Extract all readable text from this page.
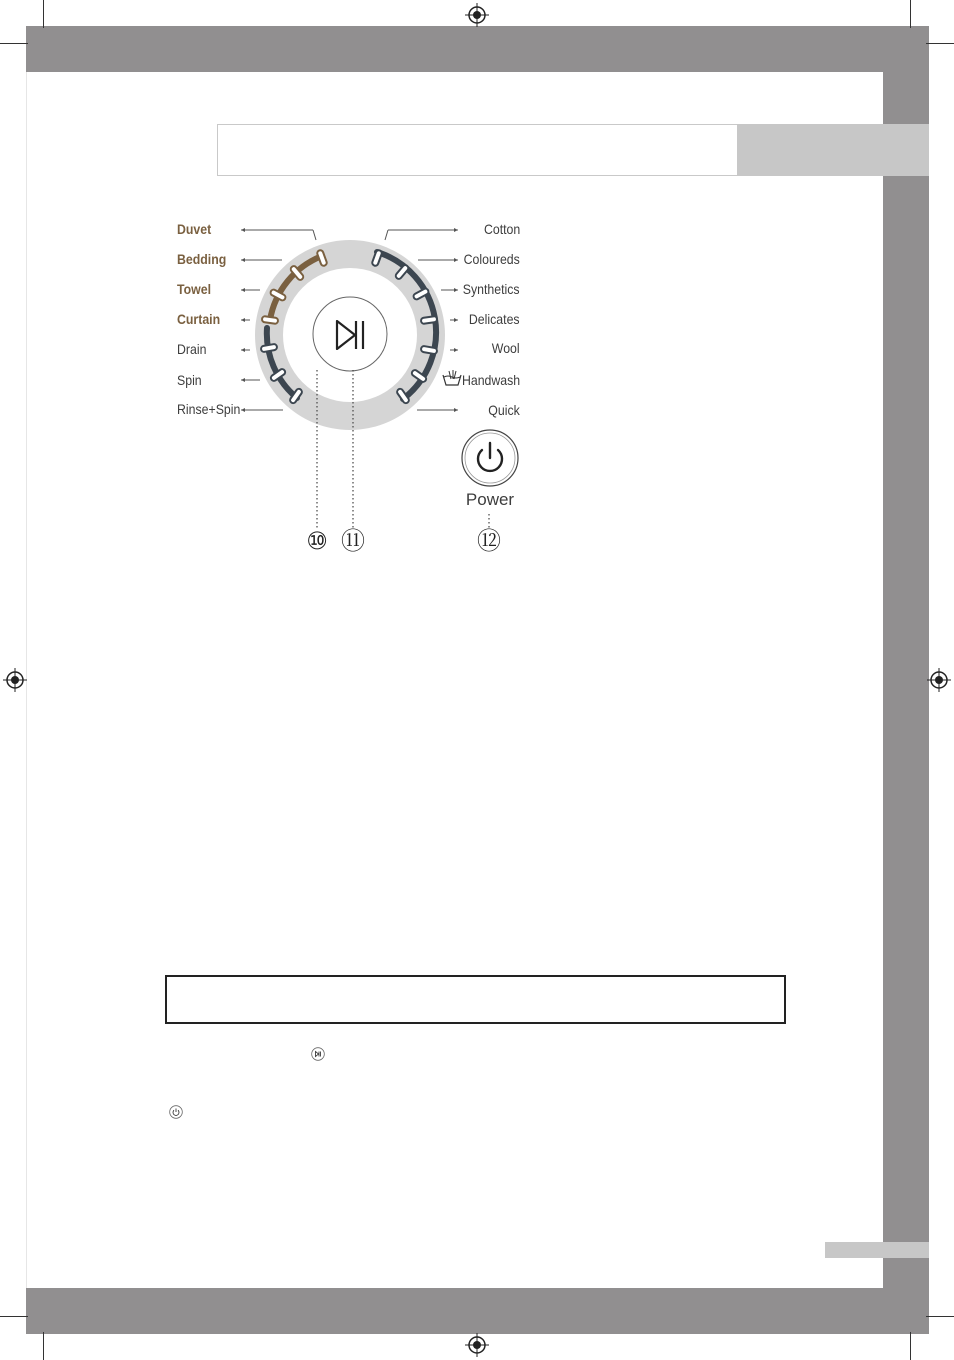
Duvet
Bedding
Towel
Curtain
Drain
Spin
Rinse+Spin
Cotton
Coloureds
Synthetics
Delicates
Wool
Handwash
Quick
Power
⑩ ⑪	⑫
